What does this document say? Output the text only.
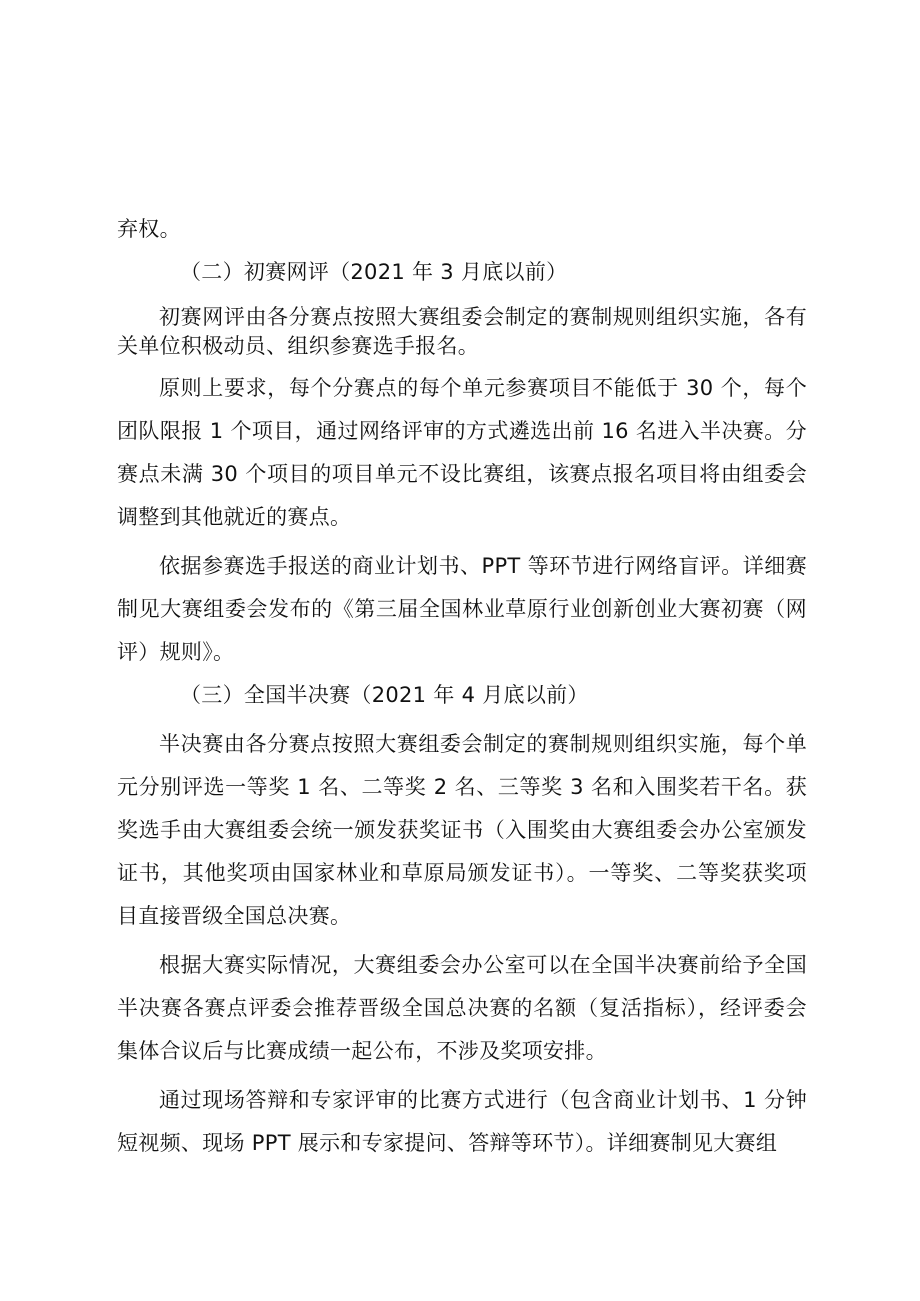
弃权。

（二）初赛网评（2021 年 3 月底以前）

初赛网评由各分赛点按照大赛组委会制定的赛制规则组织实施，各有关单位积极动员、组织参赛选手报名。

原则上要求，每个分赛点的每个单元参赛项目不能低于 30 个，每个团队限报 1 个项目，通过网络评审的方式遴选出前 16 名进入半决赛。分赛点未满 30 个项目的项目单元不设比赛组，该赛点报名项目将由组委会调整到其他就近的赛点。

依据参赛选手报送的商业计划书、PPT 等环节进行网络盲评。详细赛制见大赛组委会发布的《第三届全国林业草原行业创新创业大赛初赛（网评）规则》。

（三）全国半决赛（2021 年 4 月底以前）

半决赛由各分赛点按照大赛组委会制定的赛制规则组织实施，每个单元分别评选一等奖 1 名、二等奖 2 名、三等奖 3 名和入围奖若干名。获奖选手由大赛组委会统一颁发获奖证书（入围奖由大赛组委会办公室颁发证书，其他奖项由国家林业和草原局颁发证书）。一等奖、二等奖获奖项目直接晋级全国总决赛。

根据大赛实际情况，大赛组委会办公室可以在全国半决赛前给予全国半决赛各赛点评委会推荐晋级全国总决赛的名额（复活指标），经评委会集体合议后与比赛成绩一起公布，不涉及奖项安排。

通过现场答辩和专家评审的比赛方式进行（包含商业计划书、1 分钟短视频、现场 PPT 展示和专家提问、答辩等环节）。详细赛制见大赛组
